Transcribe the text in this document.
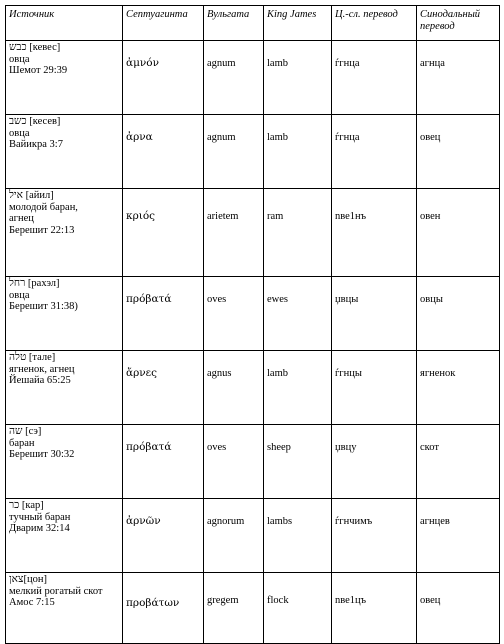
Источник	Септуагинта	Вульгата	King James	Ц.-сл. перевод	Синодальный перевод

כבש [кевес]
овца
Шемот 29:39	ἀμνόν	agnum	lamb	ѓгнца	агнца

כשב [кесев]
овца
Вайикра 3:7	ἀρνα	agnum	lamb	ѓгнца	овец

איל [айил]
молодой баран,
агнец
Берешит 22:13	κριός	arietem	ram	nве1нъ	овен

רחל [рахэл]
овца
Берешит 31:38)	πρόβατά	oves	ewes	џвцы	овцы

טלה [тале]
ягненок, агнец
Йешайа 65:25	ἄρνες	agnus	lamb	ѓгнцы	ягненок

שה [сэ]
баран
Берешит 30:32	πρόβατά	oves	sheep	џвцу	скот

כר [кар]
тучный баран
Дварим 32:14	ἀρνῶν	agnorum	lambs	ѓгнчимъ	агнцев

צאן[цон]
мелкий рогатый скот
Амос 7:15	προβάτων	gregem	flock	nве1цъ	овец
